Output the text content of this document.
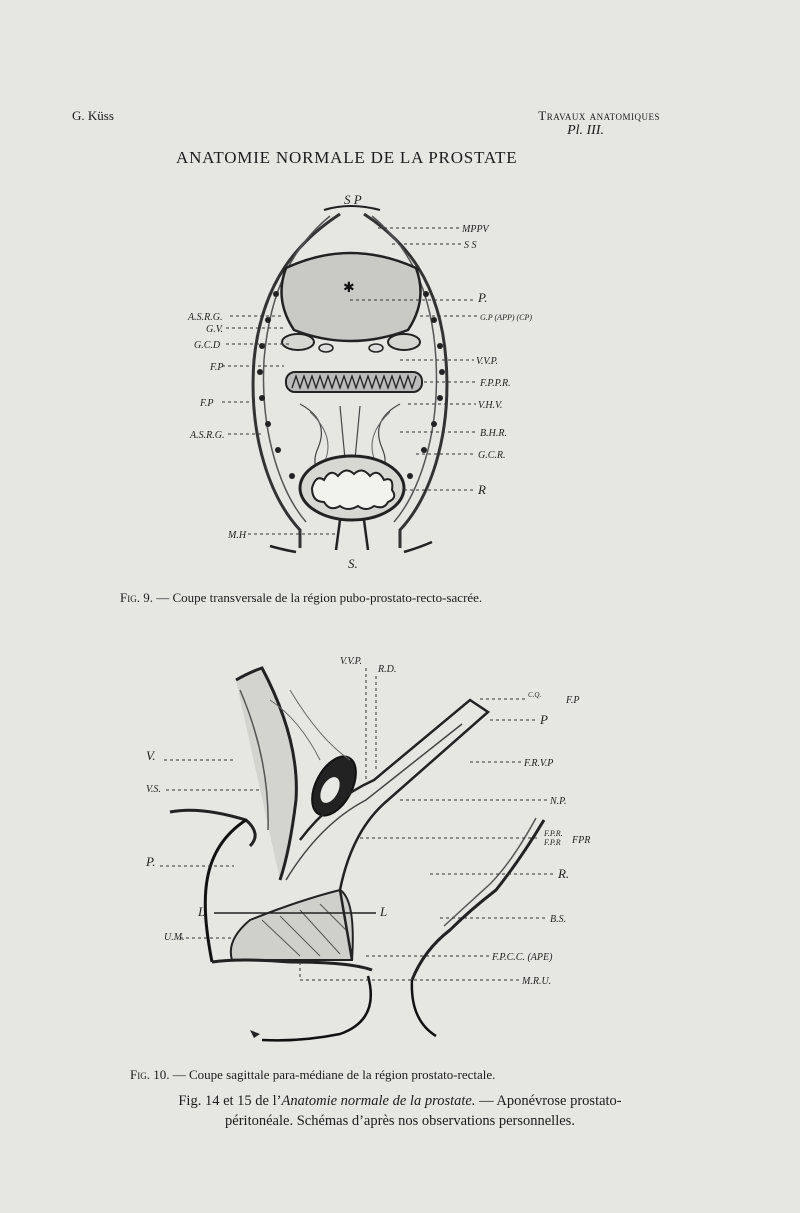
G. Küss	Travaux anatomiques
Pl. III.
ANATOMIE NORMALE DE LA PROSTATE
✱
S P
MPPV
S S
P.
G.P (APP) (CP)
A.S.R.G.
G.V.
G.C.D
F.P
V.V.P.
F.P.P.R.
F.P	V.H.V.
A.S.R.G.	B.H.R.
G.C.R.
R
M.H
S.
V.V.P.
R.D.
C.Q. F.P
P
F.R.V.P
V.
V.S.
N.P.
F.P.R.
F.P.R FPR
P.
R.
L	L
B.S.
U.M.
F.P.C.C. (APE)
M.R.U.
Fig. 9. — Coupe transversale de la région pubo-prostato-recto-sacrée.
Fig. 10. — Coupe sagittale para-médiane de la région prostato-rectale.
Fig. 14 et 15 de l’Anatomie normale de la prostate. — Aponévrose prostato-
péritonéale. Schémas d’après nos observations personnelles.
